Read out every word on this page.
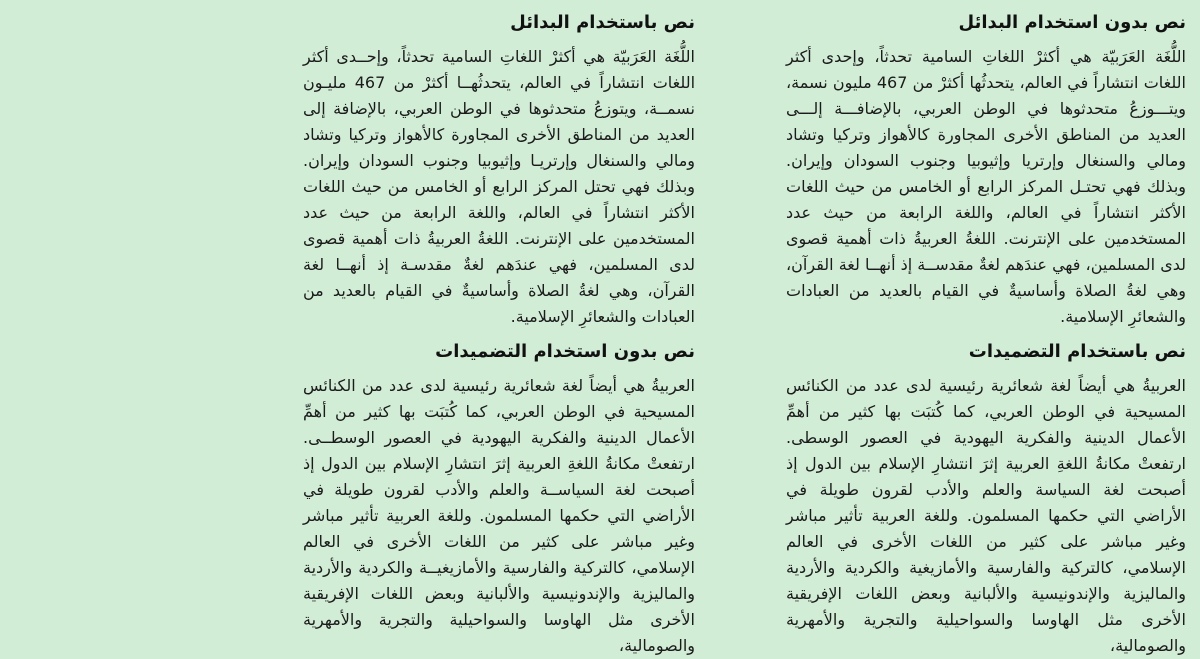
نص بدون استخدام البدائل

اللُّغَة العَرَبيّة هي أكثرْ اللغاتِ السامية تحدثاً، وإحدى أكثر اللغات انتشاراً في العالم، يتحدثُها أكثرْ من 467 مليون نسمة، ويتـــوزعُ متحدثوها في الوطن العربي، بالإضافـــة إلـــى العديد من المناطق الأخرى المجاورة كالأهواز وتركيا وتشاد ومالي والسنغال وإرتريا وإثيوبيا وجنوب السودان وإيران. وبذلك فهي تحتـل المركز الرابع أو الخامس من حيث اللغات الأكثر انتشاراً في العالم، واللغة الرابعة من حيث عدد المستخدمين على الإنترنت. اللغةُ العربيةُ ذات أهمية قصوى لدى المسلمين، فهي عندَهم لغةٌ مقدســة إذ أنهــا لغة القرآن، وهي لغةُ الصلاة وأساسيةٌ في القيام بالعديد من العبادات والشعائرِ الإسلامية.

نص باستخدام البدائل

اللُّغَة العَرَبيّة هي أكثرْ اللغاتِ السامية تحدثاً، وإحــدى أكثر اللغات انتشاراً في العالم، يتحدثُهــا أكثرْ من 467 مليـون نسمــة، ويتوزعُ متحدثوها في الوطن العربي، بالإضافة إلى العديد من المناطق الأخرى المجاورة كالأهواز وتركيا وتشاد ومالي والسنغال وإرتريـا وإثيوبيا وجنوب السودان وإيران. وبذلك فهي تحتل المركز الرابع أو الخامس من حيث اللغات الأكثر انتشاراً في العالم، واللغة الرابعة من حيث عدد المستخدمين على الإنترنت. اللغةُ العربيةُ ذات أهمية قصوى لدى المسلمين، فهي عندَهم لغةٌ مقدسـة إذ أنهــا لغة القرآن، وهي لغةُ الصلاة وأساسيةٌ في القيام بالعديد من العبادات والشعائرِ الإسلامية.

نص باستخدام التضميدات

العربيةُ هي أيضاً لغة شعائرية رئيسية لدى عدد من الكنائس المسيحية في الوطن العربي، كما كُتبَت بها كثير من أهمِّ الأعمال الدينية والفكرية اليهودية في العصور الوسطى. ارتفعتْ مكانةُ اللغةِ العربية إثرَ انتشارِ الإسلام بين الدول إذ أصبحت لغة السياسة والعلم والأدب لقرون طويلة في الأراضي التي حكمها المسلمون. وللغة العربية تأثير مباشر وغير مباشر على كثير من اللغات الأخرى في العالم الإسلامي، كالتركية والفارسية والأمازيغية والكردية والأردية والماليزية والإندونيسية والألبانية وبعض اللغات الإفريقية الأخرى مثل الهاوسا والسواحيلية والتجرية والأمهرية والصومالية،

نص بدون استخدام التضميدات

العربيةُ هي أيضاً لغة شعائرية رئيسية لدى عدد من الكنائس المسيحية في الوطن العربي، كما كُتبَت بها كثير من أهمِّ الأعمال الدينية والفكرية اليهودية في العصور الوسطــى. ارتفعتْ مكانةُ اللغةِ العربية إثرَ انتشارِ الإسلام بين الدول إذ أصبحت لغة السياســة والعلم والأدب لقرون طويلة في الأراضي التي حكمها المسلمون. وللغة العربية تأثير مباشر وغير مباشر على كثير من اللغات الأخرى في العالم الإسلامي، كالتركية والفارسية والأمازيغيــة والكردية والأردية والماليزية والإندونيسية والألبانية وبعض اللغات الإفريقية الأخرى مثل الهاوسا والسواحيلية والتجرية والأمهرية والصومالية،
